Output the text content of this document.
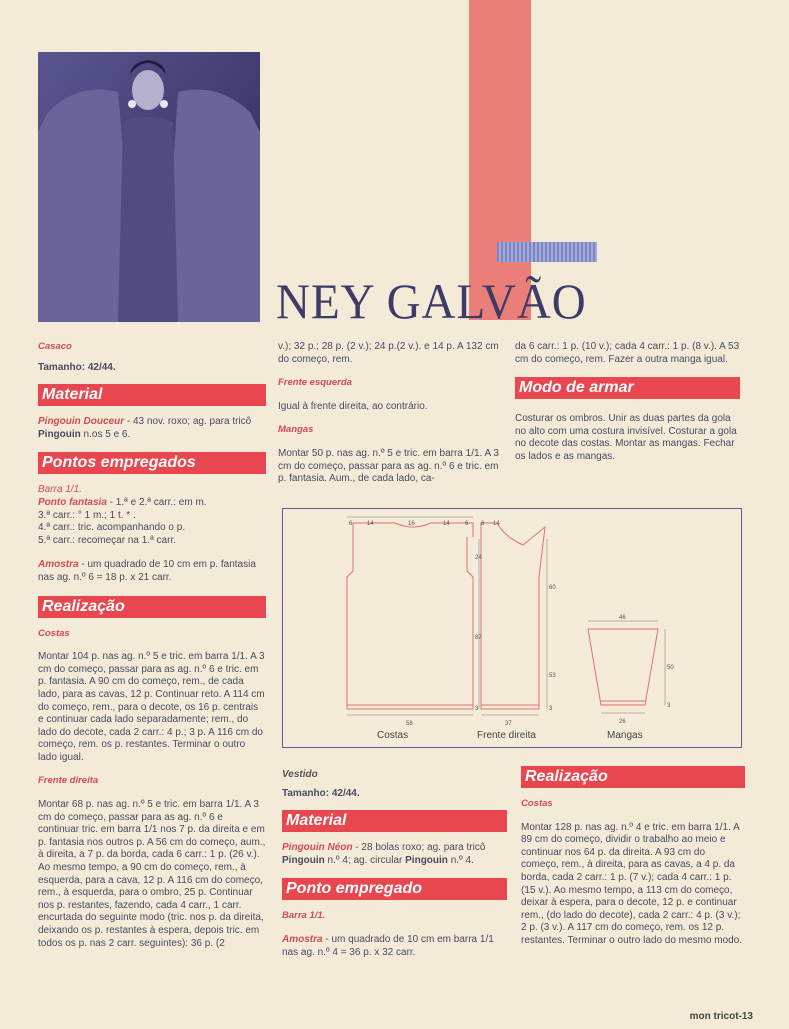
NEY GALVÃO

Casaco

Tamanho: 42/44.

Material

Pingouin Douceur - 43 nov. roxo; ag. para tricô Pingouin n.os 5 e 6.

Pontos empregados

Barra 1/1.

Ponto fantasia - 1.ª e 2.ª carr.: em m.

3.ª carr.: ° 1 m.; 1 t. * .

4.ª carr.: tric. acompanhando o p.

5.ª carr.: recomeçar na 1.ª carr.

Amostra - um quadrado de 10 cm em p. fantasia nas ag. n.º 6 = 18 p. x 21 carr.

Realização

Costas

Montar 104 p. nas ag. n.º 5 e tric. em barra 1/1. A 3 cm do começo, passar para as ag. n.º 6 e tric. em p. fantasia. A 90 cm do começo, rem., de cada lado, para as cavas, 12 p. Continuar reto. A 114 cm do começo, rem., para o decote, os 16 p. centrais e continuar cada lado separadamente; rem., do lado do decote, cada 2 carr.: 4 p.; 3 p. A 116 cm do começo, rem. os p. restantes. Terminar o outro lado igual.

Frente direita

Montar 68 p. nas ag. n.º 5 e tric. em barra 1/1. A 3 cm do começo, passar para as ag. n.º 6 e continuar tric. em barra 1/1 nos 7 p. da direita e em p. fantasia nos outros p. A 56 cm do começo, aum., à direita, a 7 p. da borda, cada 6 carr.: 1 p. (26 v.). Ao mesmo tempo, a 90 cm do começo, rem., à esquerda, para a cava, 12 p. A 116 cm do começo, rem., à esquerda, para o ombro, 25 p. Continuar nos p. restantes, fazendo, cada 4 carr., 1 carr. encurtada do seguinte modo (tric. nos p. da direita, deixando os p. restantes à espera, depois tric. em todos os p. nas 2 carr. seguintes): 36 p. (2

v.); 32 p.; 28 p. (2 v.); 24 p.(2 v.). e 14 p. A 132 cm do começo, rem.

Frente esquerda

Igual à frente direita, ao contrário.

Mangas

Montar 50 p. nas ag. n.º 5 e tric. em barra 1/1. A 3 cm do começo, passar para as ag. n.º 6 e tric. em p. fantasia. Aum., de cada lado, ca-

da 6 carr.: 1 p. (10 v.); cada 4 carr.: 1 p. (8 v.). A 53 cm do começo, rem. Fazer a outra manga igual.

Modo de armar

Costurar os ombros. Unir as duas partes da gola no alto com uma costura invisível. Costurar a gola no decote das costas. Montar as mangas. Fechar os lados e as mangas.

6 14	16	14	6
24
87
3
58
6 14
60
53
3
37
46
50
3
26
Costas	Frente direita	Mangas

Vestido

Tamanho: 42/44.

Material

Pingouin Néon - 28 bolas roxo; ag. para tricô Pingouin n.º 4; ag. circular Pingouin n.º 4.

Ponto empregado

Barra 1/1.

Amostra - um quadrado de 10 cm em barra 1/1 nas ag. n.º 4 = 36 p. x 32 carr.

Realização

Costas

Montar 128 p. nas ag. n.º 4 e tric. em barra 1/1. A 89 cm do começo, dividir o trabalho ao meio e continuar nos 64 p. da direita. A 93 cm do começo, rem., à direita, para as cavas, a 4 p. da borda, cada 2 carr.: 1 p. (7 v.); cada 4 carr.: 1 p. (15 v.). Ao mesmo tempo, a 113 cm do começo, deixar à espera, para o decote, 12 p. e continuar rem., (do lado do decote), cada 2 carr.: 4 p. (3 v.); 2 p. (3 v.). A 117 cm do começo, rem. os 12 p. restantes. Terminar o outro lado do mesmo modo.

mon tricot-13
